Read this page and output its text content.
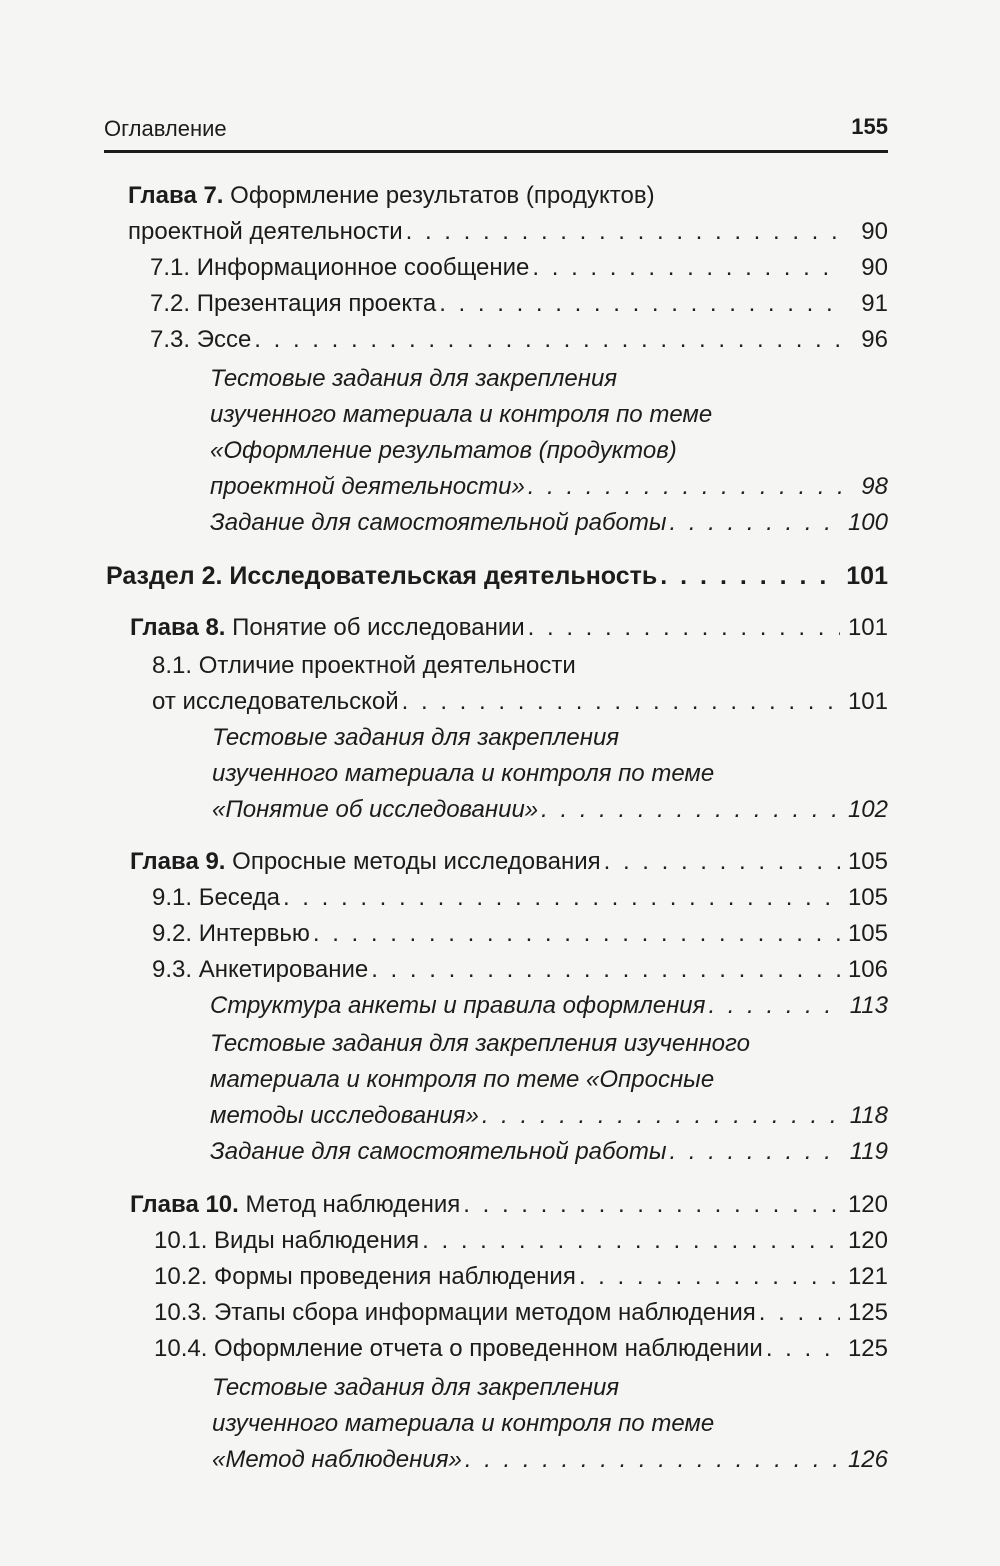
Оглавление	155
Глава 7. Оформление результатов (продуктов)
проектной деятельности . . .	90
7.1. Информационное сообщение . . .	90
7.2. Презентация проекта . . .	91
7.3. Эссе . . .	96
Тестовые задания для закрепления
изученного материала и контроля по теме
«Оформление результатов (продуктов)
проектной деятельности» . . .	98
Задание для самостоятельной работы . . .	100
Раздел 2. Исследовательская деятельность . . .	101
Глава 8. Понятие об исследовании . . .	101
8.1. Отличие проектной деятельности
от исследовательской . . .	101
Тестовые задания для закрепления
изученного материала и контроля по теме
«Понятие об исследовании» . . .	102
Глава 9. Опросные методы исследования . . .	105
9.1. Беседа . . .	105
9.2. Интервью . . .	105
9.3. Анкетирование . . .	106
Структура анкеты и правила оформления . . .	113
Тестовые задания для закрепления изученного
материала и контроля по теме «Опросные
методы исследования» . . .	118
Задание для самостоятельной работы . . .	119
Глава 10. Метод наблюдения . . .	120
10.1. Виды наблюдения . . .	120
10.2. Формы проведения наблюдения . . .	121
10.3. Этапы сбора информации методом наблюдения . . .	125
10.4. Оформление отчета о проведенном наблюдении . . .	125
Тестовые задания для закрепления
изученного материала и контроля по теме
«Метод наблюдения» . . .	126
